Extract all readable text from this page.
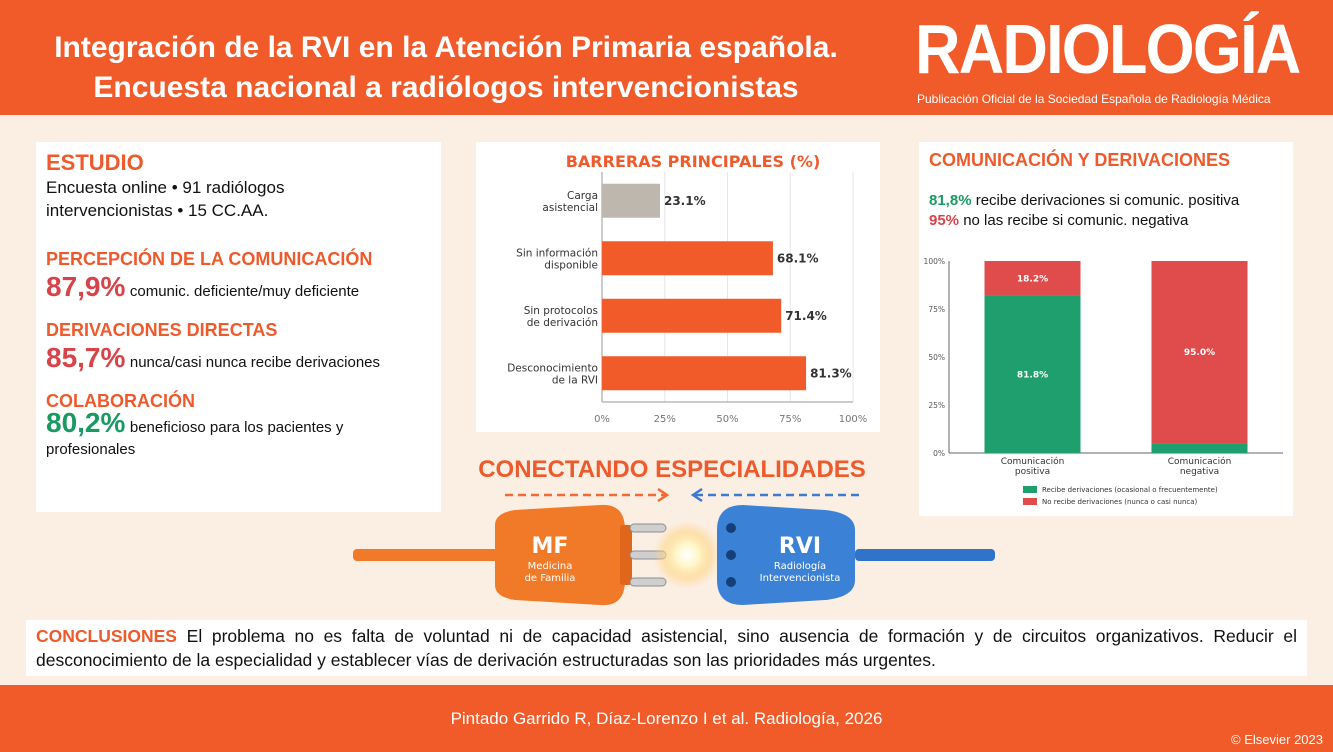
Integración de la RVI en la Atención Primaria española.
Encuesta nacional a radiólogos intervencionistas	RADIOLOGÍA
Publicación Oficial de la Sociedad Española de Radiología Médica
ESTUDIO
Encuesta online • 91 radiólogos intervencionistas • 15 CC.AA.
PERCEPCIÓN DE LA COMUNICACIÓN
87,9% comunic. deficiente/muy deficiente
DERIVACIONES DIRECTAS
85,7% nunca/casi nunca recibe derivaciones
COLABORACIÓN
80,2% beneficioso para los pacientes y profesionales
BARRERAS PRINCIPALES (%)
0%	25%	50%	75%	100%
23.1%
Carga
asistencial
68.1%
Sin información
disponible
71.4%
Sin protocolos
de derivación
81.3%
Desconocimiento
de la RVI
COMUNICACIÓN Y DERIVACIONES
81,8% recibe derivaciones si comunic. positiva
95% no las recibe si comunic. negativa
0%
25%
50%
75%
100%
81.8%
18.2%
Comunicación
positiva
95.0%
Comunicación
negativa
Recibe derivaciones (ocasional o frecuentemente)
No recibe derivaciones (nunca o casi nunca)
CONECTANDO ESPECIALIDADES
MF
Medicina
de Familia
RVI
Radiología
Intervencionista
CONCLUSIONES El problema no es falta de voluntad ni de capacidad asistencial, sino ausencia de formación y de circuitos organizativos. Reducir el desconocimiento de la especialidad y establecer vías de derivación estructuradas son las prioridades más urgentes.
Pintado Garrido R, Díaz-Lorenzo I et al. Radiología, 2026
© Elsevier 2023
